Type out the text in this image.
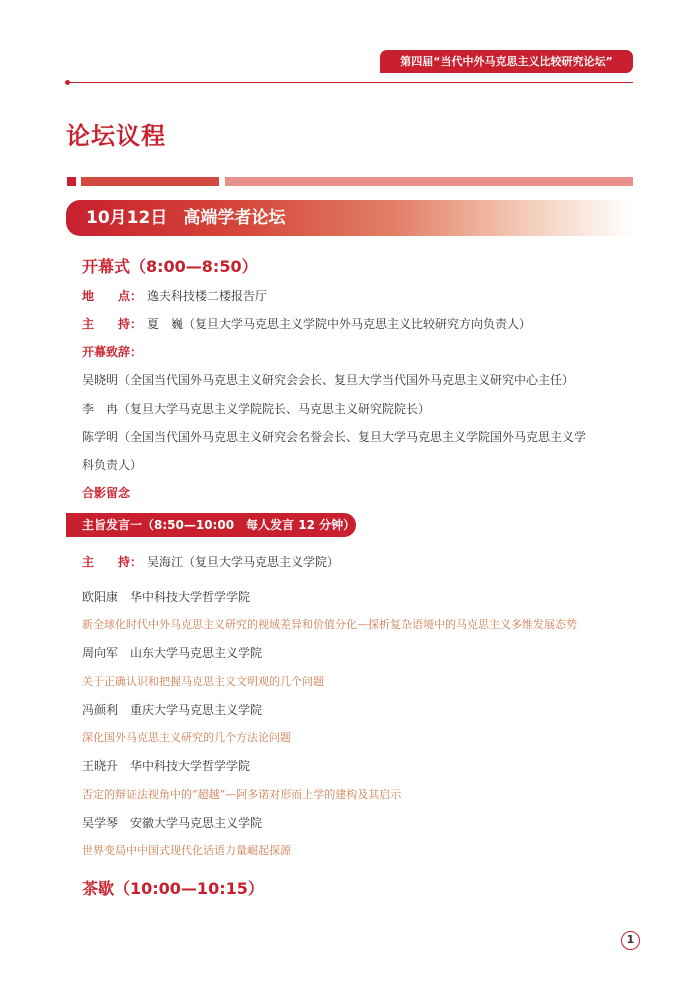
第四届“当代中外马克思主义比较研究论坛”
论坛议程
10月12日 高端学者论坛
开幕式（8:00—8:50）
地　　点： 逸夫科技楼二楼报告厅
主　　持： 夏　巍（复旦大学马克思主义学院中外马克思主义比较研究方向负责人）
开幕致辞：
吴晓明（全国当代国外马克思主义研究会会长、复旦大学当代国外马克思主义研究中心主任）
李　冉（复旦大学马克思主义学院院长、马克思主义研究院院长）
陈学明（全国当代国外马克思主义研究会名誉会长、复旦大学马克思主义学院国外马克思主义学
科负责人）
合影留念
主旨发言一（8:50—10:00　每人发言 12 分钟）
主　　持： 吴海江（复旦大学马克思主义学院）
欧阳康　华中科技大学哲学学院
新全球化时代中外马克思主义研究的视域差异和价值分化—探析复杂语境中的马克思主义多维发展态势
周向军　山东大学马克思主义学院
关于正确认识和把握马克思主义文明观的几个问题
冯颜利　重庆大学马克思主义学院
深化国外马克思主义研究的几个方法论问题
王晓升　华中科技大学哲学学院
否定的辩证法视角中的“超越”—阿多诺对形而上学的建构及其启示
吴学琴　安徽大学马克思主义学院
世界变局中中国式现代化话语力量崛起探源
茶歇（10:00—10:15）
1
